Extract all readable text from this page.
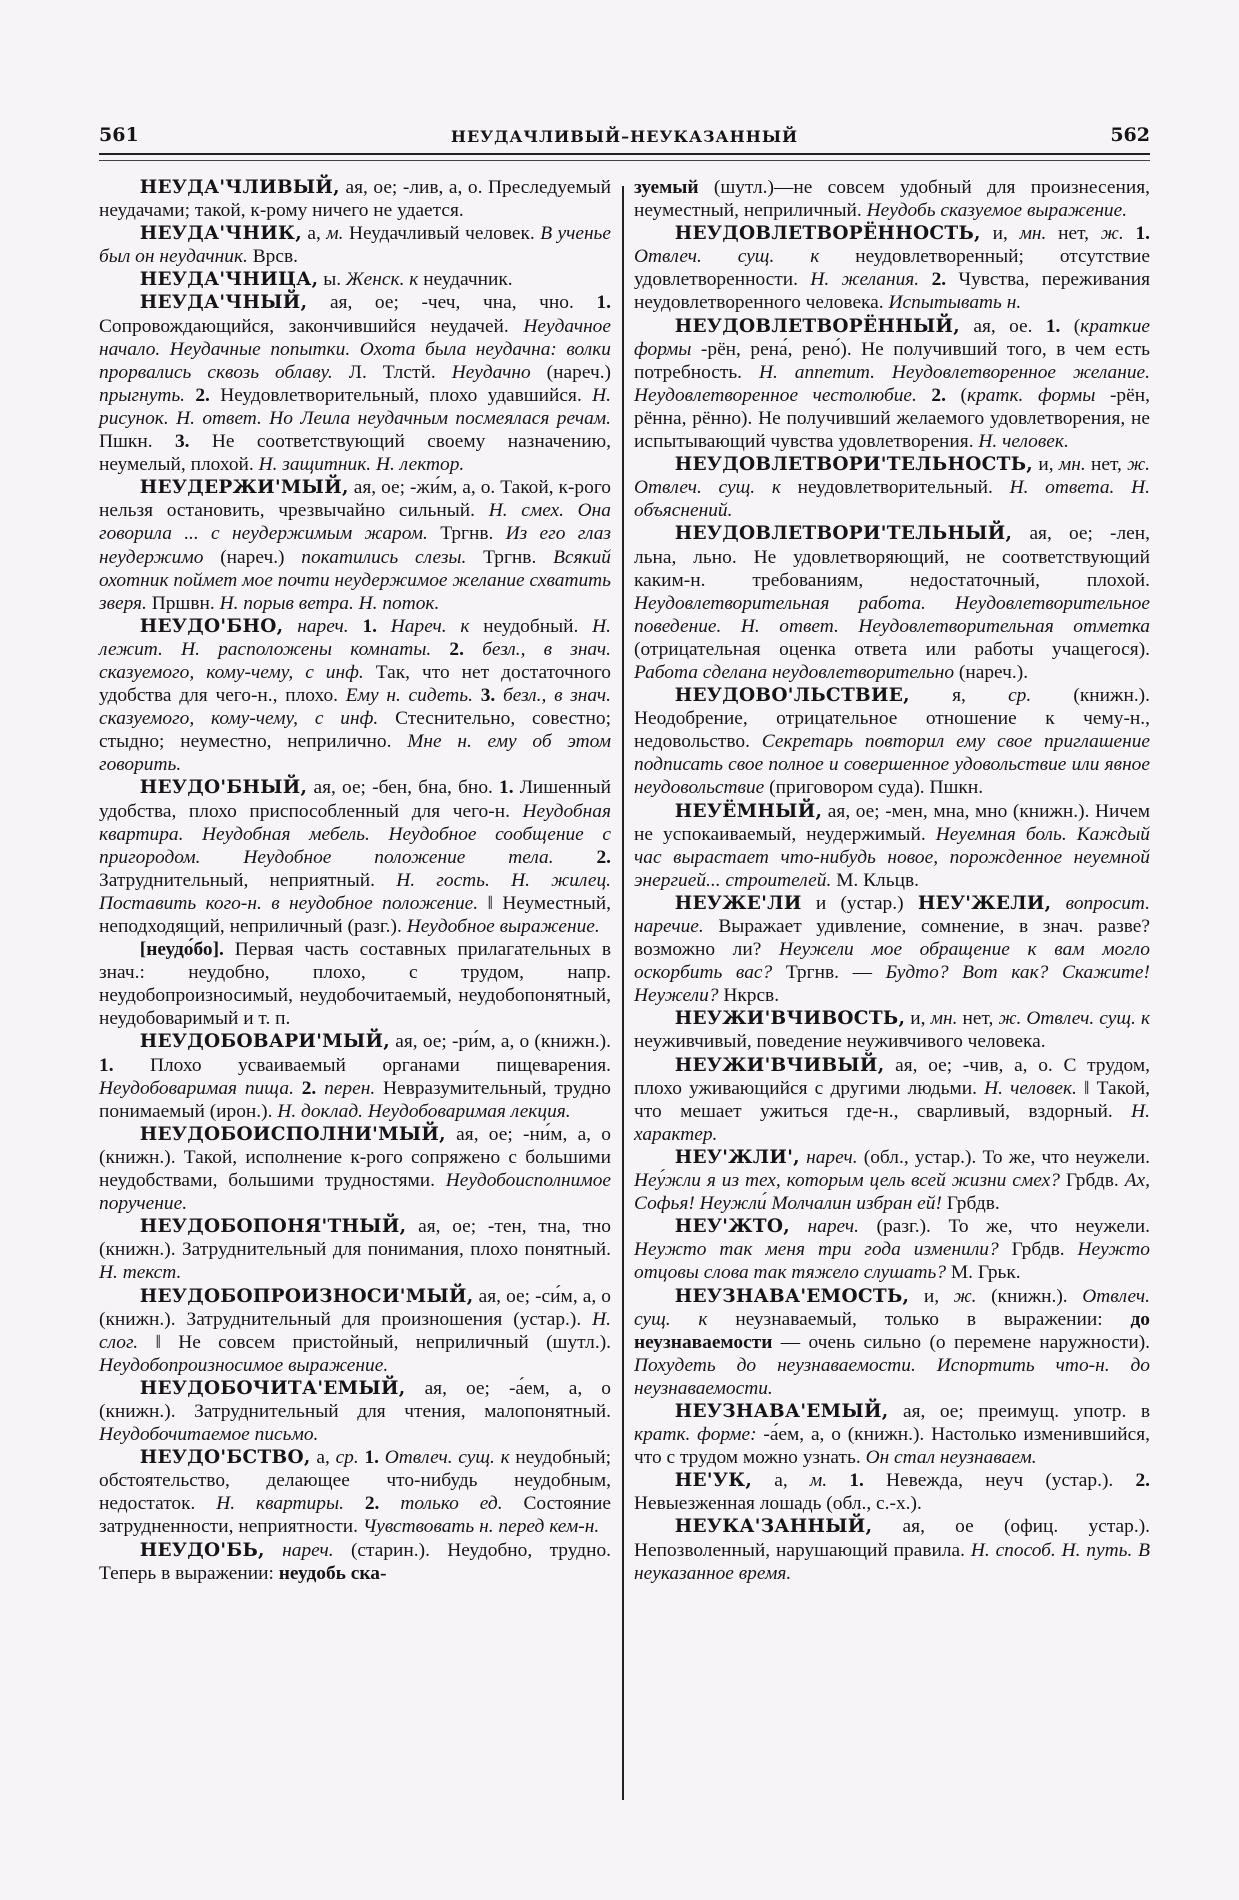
561	НЕУДАЧЛИВЫЙ–НЕУКАЗАННЫЙ	562

НЕУДА'ЧЛИВЫЙ, ая, ое; -лив, а, о. Преследуемый неудачами; такой, к-рому ничего не удается.

НЕУДА'ЧНИК, а, м. Неудачливый человек. В ученье был он неудачник. Врсв.

НЕУДА'ЧНИЦА, ы. Женск. к неудачник.

НЕУДА'ЧНЫЙ, ая, ое; -чеч, чна, чно. 1. Сопровождающийся, закончившийся неудачей. Неудачное начало. Неудачные попытки. Охота была неудачна: волки прорвались сквозь облаву. Л. Тлстй. Неудачно (нареч.) прыгнуть. 2. Неудовлетворительный, плохо удавшийся. Н. рисунок. Н. ответ. Но Леила неудачным посмеялася речам. Пшкн. 3. Не соответствующий своему назначению, неумелый, плохой. Н. защитник. Н. лектор.

НЕУДЕРЖИ'МЫЙ, ая, ое; -жи́м, а, о. Такой, к-рого нельзя остановить, чрезвычайно сильный. Н. смех. Она говорила ... с неудержимым жаром. Тргнв. Из его глаз неудержимо (нареч.) покатились слезы. Тргнв. Всякий охотник поймет мое почти неудержимое желание схватить зверя. Пршвн. Н. порыв ветра. Н. поток.

НЕУДО'БНО, нареч. 1. Нареч. к неудобный. Н. лежит. Н. расположены комнаты. 2. безл., в знач. сказуемого, кому-чему, с инф. Так, что нет достаточного удобства для чего-н., плохо. Ему н. сидеть. 3. безл., в знач. сказуемого, кому-чему, с инф. Стеснительно, совестно; стыдно; неуместно, неприлично. Мне н. ему об этом говорить.

НЕУДО'БНЫЙ, ая, ое; -бен, бна, бно. 1. Лишенный удобства, плохо приспособленный для чего-н. Неудобная квартира. Неудобная мебель. Неудобное сообщение с пригородом. Неудобное положение тела. 2. Затруднительный, неприятный. Н. гость. Н. жилец. Поставить кого-н. в неудобное положение. ‖ Неуместный, неподходящий, неприличный (разг.). Неудобное выражение.

[неудо́бо]. Первая часть составных прилагательных в знач.: неудобно, плохо, с трудом, напр. неудобопроизносимый, неудобочитаемый, неудобопонятный, неудобоваримый и т. п.

НЕУДОБОВАРИ'МЫЙ, ая, ое; -ри́м, а, о (книжн.). 1. Плохо усваиваемый органами пищеварения. Неудобоваримая пища. 2. перен. Невразумительный, трудно понимаемый (ирон.). Н. доклад. Неудобоваримая лекция.

НЕУДОБОИСПОЛНИ'МЫЙ, ая, ое; -ни́м, а, о (книжн.). Такой, исполнение к-рого сопряжено с большими неудобствами, большими трудностями. Неудобоисполнимое поручение.

НЕУДОБОПОНЯ'ТНЫЙ, ая, ое; -тен, тна, тно (книжн.). Затруднительный для понимания, плохо понятный. Н. текст.

НЕУДОБОПРОИЗНОСИ'МЫЙ, ая, ое; -си́м, а, о (книжн.). Затруднительный для произношения (устар.). Н. слог. ‖ Не совсем пристойный, неприличный (шутл.). Неудобопроизносимое выражение.

НЕУДОБОЧИТА'ЕМЫЙ, ая, ое; -а́ем, а, о (книжн.). Затруднительный для чтения, малопонятный. Неудобочитаемое письмо.

НЕУДО'БСТВО, а, ср. 1. Отвлеч. сущ. к неудобный; обстоятельство, делающее что-нибудь неудобным, недостаток. Н. квартиры. 2. только ед. Состояние затрудненности, неприятности. Чувствовать н. перед кем-н.

НЕУДО'БЬ, нареч. (старин.). Неудобно, трудно. Теперь в выражении: неудобь ска-

зуемый (шутл.)—не совсем удобный для произнесения, неуместный, неприличный. Неудобь сказуемое выражение.

НЕУДОВЛЕТВОРЁННОСТЬ, и, мн. нет, ж. 1. Отвлеч. сущ. к неудовлетворенный; отсутствие удовлетворенности. Н. желания. 2. Чувства, переживания неудовлетворенного человека. Испытывать н.

НЕУДОВЛЕТВОРЁННЫЙ, ая, ое. 1. (краткие формы -рён, рена́, рено́). Не получивший того, в чем есть потребность. Н. аппетит. Неудовлетворенное желание. Неудовлетворенное честолюбие. 2. (кратк. формы -рён, рённа, рённо). Не получивший желаемого удовлетворения, не испытывающий чувства удовлетворения. Н. человек.

НЕУДОВЛЕТВОРИ'ТЕЛЬНОСТЬ, и, мн. нет, ж. Отвлеч. сущ. к неудовлетворительный. Н. ответа. Н. объяснений.

НЕУДОВЛЕТВОРИ'ТЕЛЬНЫЙ, ая, ое; -лен, льна, льно. Не удовлетворяющий, не соответствующий каким-н. требованиям, недостаточный, плохой. Неудовлетворительная работа. Неудовлетворительное поведение. Н. ответ. Неудовлетворительная отметка (отрицательная оценка ответа или работы учащегося). Работа сделана неудовлетворительно (нареч.).

НЕУДОВО'ЛЬСТВИЕ, я, ср. (книжн.). Неодобрение, отрицательное отношение к чему-н., недовольство. Секретарь повторил ему свое приглашение подписать свое полное и совершенное удовольствие или явное неудовольствие (приговором суда). Пшкн.

НЕУЁМНЫЙ, ая, ое; -мен, мна, мно (книжн.). Ничем не успокаиваемый, неудержимый. Неуемная боль. Каждый час вырастает что-нибудь новое, порожденное неуемной энергией... строителей. М. Кльцв.

НЕУЖЕ'ЛИ и (устар.) НЕУ'ЖЕЛИ, вопросит. наречие. Выражает удивление, сомнение, в знач. разве? возможно ли? Неужели мое обращение к вам могло оскорбить вас? Тргнв. — Будто? Вот как? Скажите! Неужели? Нкрсв.

НЕУЖИ'ВЧИВОСТЬ, и, мн. нет, ж. Отвлеч. сущ. к неуживчивый, поведение неуживчивого человека.

НЕУЖИ'ВЧИВЫЙ, ая, ое; -чив, а, о. С трудом, плохо уживающийся с другими людьми. Н. человек. ‖ Такой, что мешает ужиться где-н., сварливый, вздорный. Н. характер.

НЕУ'ЖЛИ', нареч. (обл., устар.). То же, что неужели. Неу́жли я из тех, которым цель всей жизни смех? Грбдв. Ах, Софья! Неужли́ Молчалин избран ей! Грбдв.

НЕУ'ЖТО, нареч. (разг.). То же, что неужели. Неужто так меня три года изменили? Грбдв. Неужто отцовы слова так тяжело слушать? М. Грьк.

НЕУЗНАВА'ЕМОСТЬ, и, ж. (книжн.). Отвлеч. сущ. к неузнаваемый, только в выражении: до неузнаваемости — очень сильно (о перемене наружности). Похудеть до неузнаваемости. Испортить что-н. до неузнаваемости.

НЕУЗНАВА'ЕМЫЙ, ая, ое; преимущ. употр. в кратк. форме: -а́ем, а, о (книжн.). Настолько изменившийся, что с трудом можно узнать. Он стал неузнаваем.

НЕ'УК, а, м. 1. Невежда, неуч (устар.). 2. Невыезженная лошадь (обл., с.-х.).

НЕУКА'ЗАННЫЙ, ая, ое (офиц. устар.). Непозволенный, нарушающий правила. Н. способ. Н. путь. В неуказанное время.
